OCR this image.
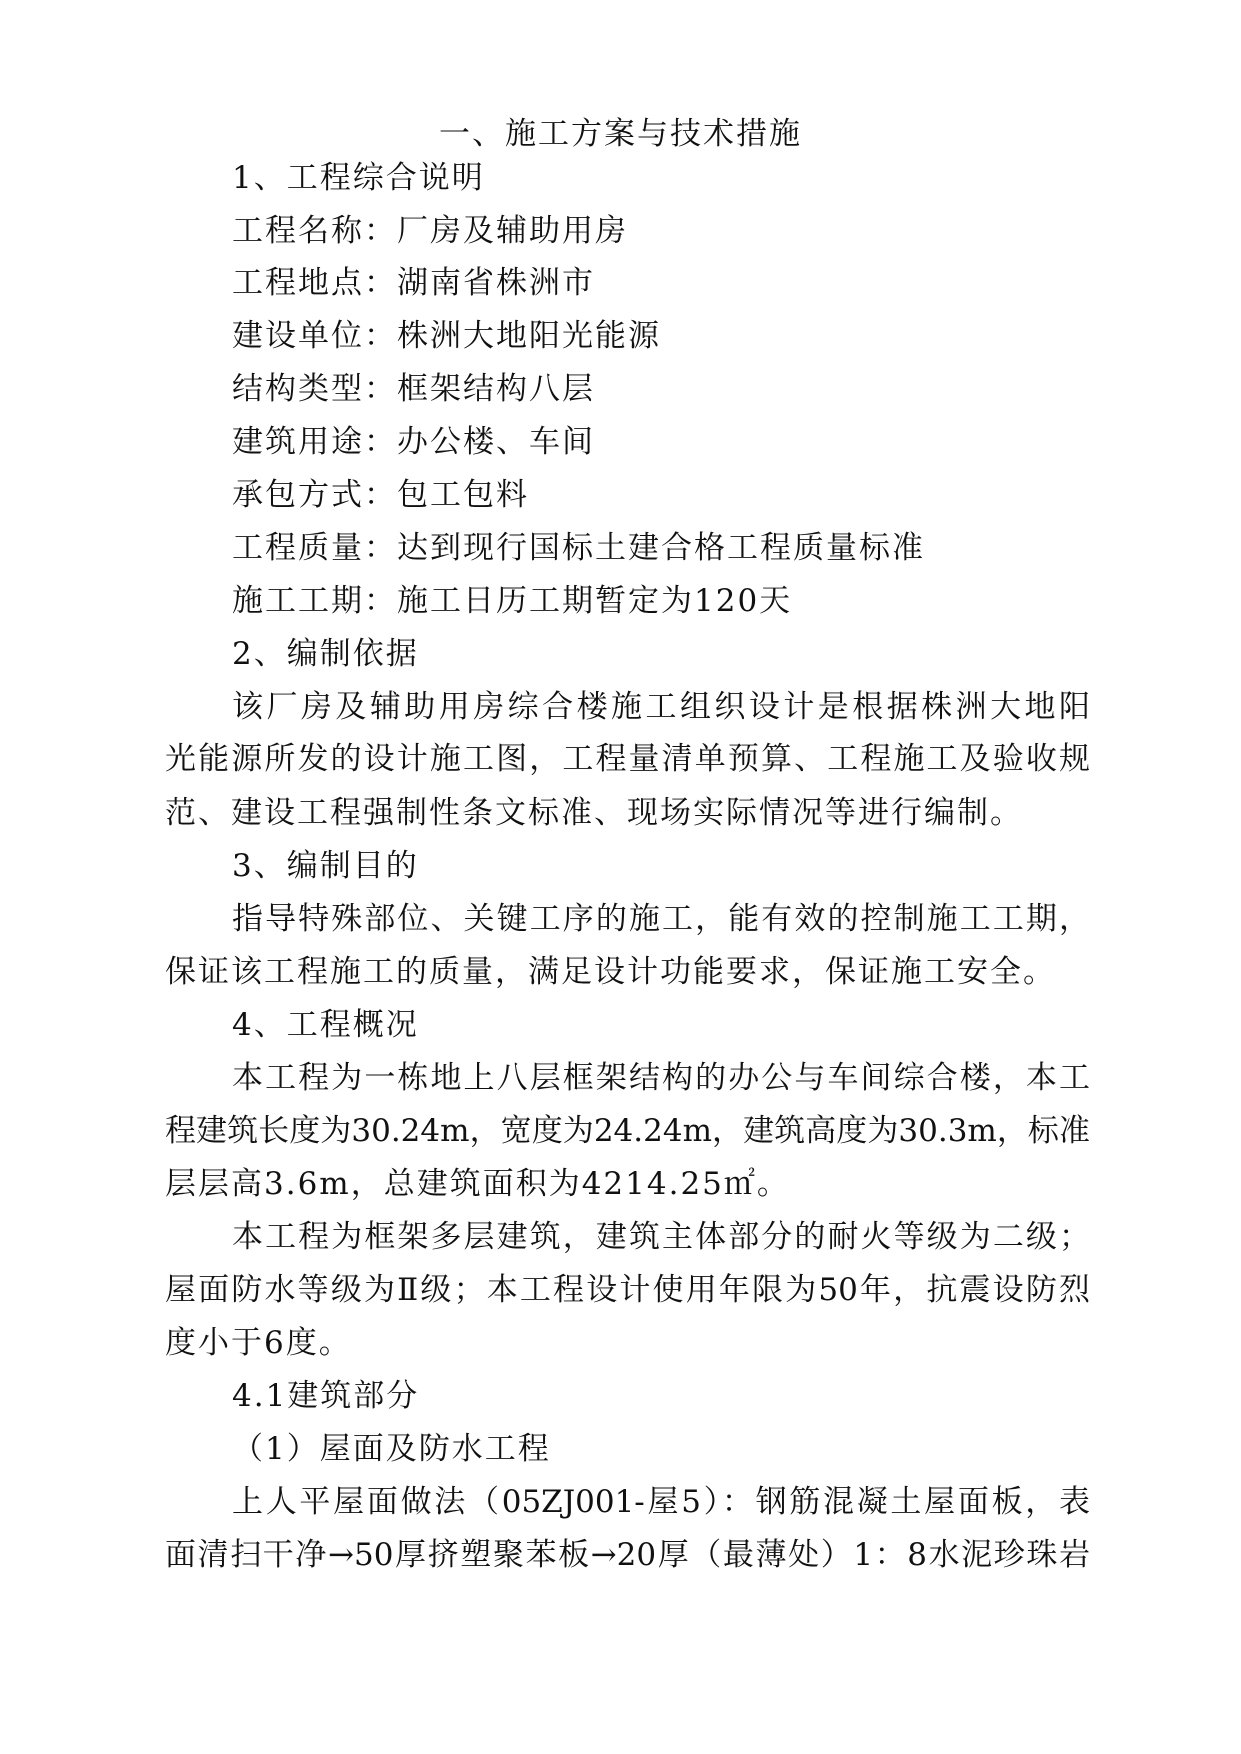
一、施工方案与技术措施
1、工程综合说明
工程名称：厂房及辅助用房
工程地点：湖南省株洲市
建设单位：株洲大地阳光能源
结构类型：框架结构八层
建筑用途：办公楼、车间
承包方式：包工包料
工程质量：达到现行国标土建合格工程质量标准
施工工期：施工日历工期暂定为120天
2、编制依据
该厂房及辅助用房综合楼施工组织设计是根据株洲大地阳
光能源所发的设计施工图，工程量清单预算、工程施工及验收规
范、建设工程强制性条文标准、现场实际情况等进行编制。
3、编制目的
指导特殊部位、关键工序的施工，能有效的控制施工工期，
保证该工程施工的质量，满足设计功能要求，保证施工安全。
4、工程概况
本工程为一栋地上八层框架结构的办公与车间综合楼，本工
程建筑长度为30.24m，宽度为24.24m，建筑高度为30.3m，标准
层层高3.6m，总建筑面积为4214.25㎡。
本工程为框架多层建筑，建筑主体部分的耐火等级为二级；
屋面防水等级为Ⅱ级；本工程设计使用年限为50年，抗震设防烈
度小于6度。
4.1建筑部分
（1）屋面及防水工程
上人平屋面做法（05ZJ001-屋5）：钢筋混凝土屋面板，表
面清扫干净→50厚挤塑聚苯板→20厚（最薄处）1：8水泥珍珠岩
